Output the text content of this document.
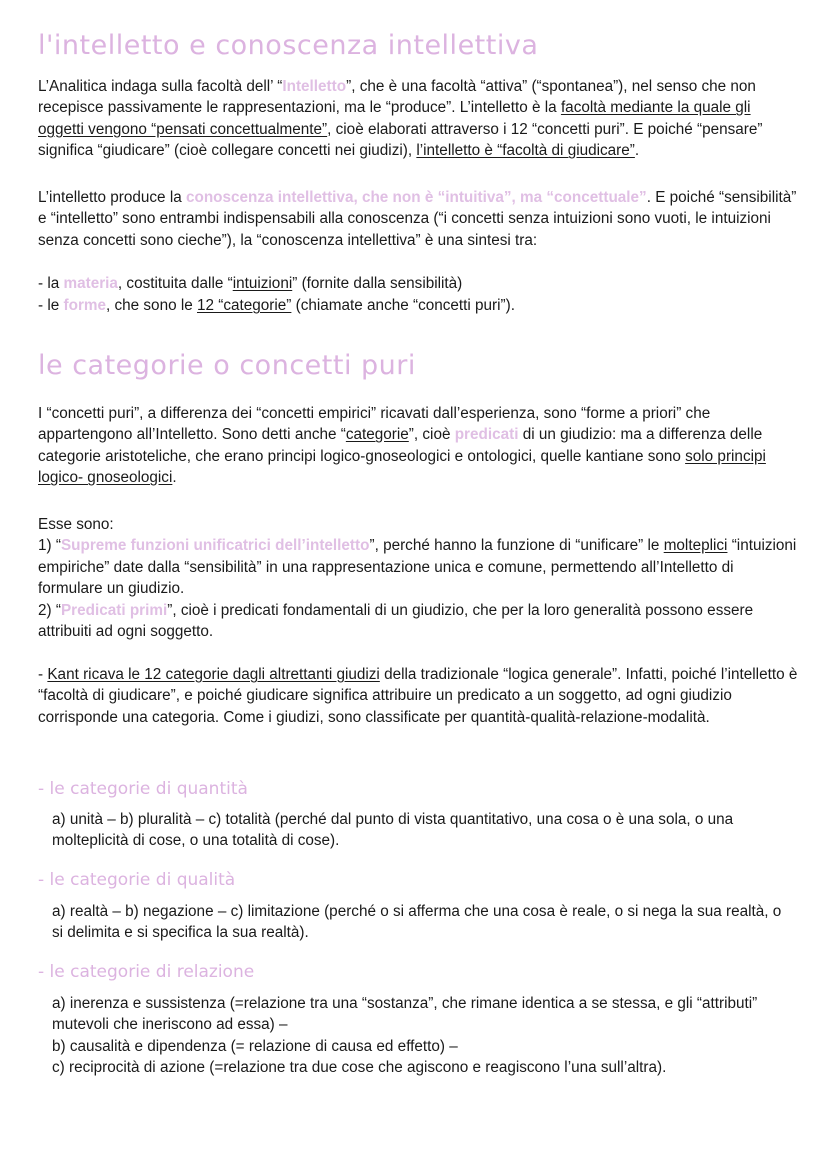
l'intelletto e conoscenza intellettiva

L’Analitica indaga sulla facoltà dell’ “Intelletto”, che è una facoltà “attiva” (“spontanea”), nel senso che non recepisce passivamente le rappresentazioni, ma le “produce”. L’intelletto è la facoltà mediante la quale gli oggetti vengono “pensati concettualmente”, cioè elaborati attraverso i 12 “concetti puri”. E poiché “pensare” significa “giudicare” (cioè collegare concetti nei giudizi), l’intelletto è “facoltà di giudicare”.

L’intelletto produce la conoscenza intellettiva, che non è “intuitiva”, ma “concettuale”. E poiché “sensibilità” e “intelletto” sono entrambi indispensabili alla conoscenza (“i concetti senza intuizioni sono vuoti, le intuizioni senza concetti sono cieche”), la “conoscenza intellettiva” è una sintesi tra:

- la materia, costituita dalle “intuizioni” (fornite dalla sensibilità)

- le forme, che sono le 12 “categorie” (chiamate anche “concetti puri”).

le categorie o concetti puri

I “concetti puri”, a differenza dei “concetti empirici” ricavati dall’esperienza, sono “forme a priori” che appartengono all’Intelletto. Sono detti anche “categorie”, cioè predicati di un giudizio: ma a differenza delle categorie aristoteliche, che erano principi logico-gnoseologici e ontologici, quelle kantiane sono solo principi logico- gnoseologici.

Esse sono:
1) “Supreme funzioni unificatrici dell’intelletto”, perché hanno la funzione di “unificare” le molteplici “intuizioni empiriche” date dalla “sensibilità” in una rappresentazione unica e comune, permettendo all’Intelletto di formulare un giudizio.
2) “Predicati primi”, cioè i predicati fondamentali di un giudizio, che per la loro generalità possono essere attribuiti ad ogni soggetto.

- Kant ricava le 12 categorie dagli altrettanti giudizi della tradizionale “logica generale”. Infatti, poiché l’intelletto è “facoltà di giudicare”, e poiché giudicare significa attribuire un predicato a un soggetto, ad ogni giudizio corrisponde una categoria. Come i giudizi, sono classificate per quantità-qualità-relazione-modalità.

- le categorie di quantità

a) unità – b) pluralità – c) totalità (perché dal punto di vista quantitativo, una cosa o è una sola, o una molteplicità di cose, o una totalità di cose).

- le categorie di qualità

a) realtà – b) negazione – c) limitazione (perché o si afferma che una cosa è reale, o si nega la sua realtà, o si delimita e si specifica la sua realtà).

- le categorie di relazione
a) inerenza e sussistenza (=relazione tra una “sostanza”, che rimane identica a se stessa, e gli “attributi” mutevoli che ineriscono ad essa) –
b) causalità e dipendenza (= relazione di causa ed effetto) –
c) reciprocità di azione (=relazione tra due cose che agiscono e reagiscono l’una sull’altra).
